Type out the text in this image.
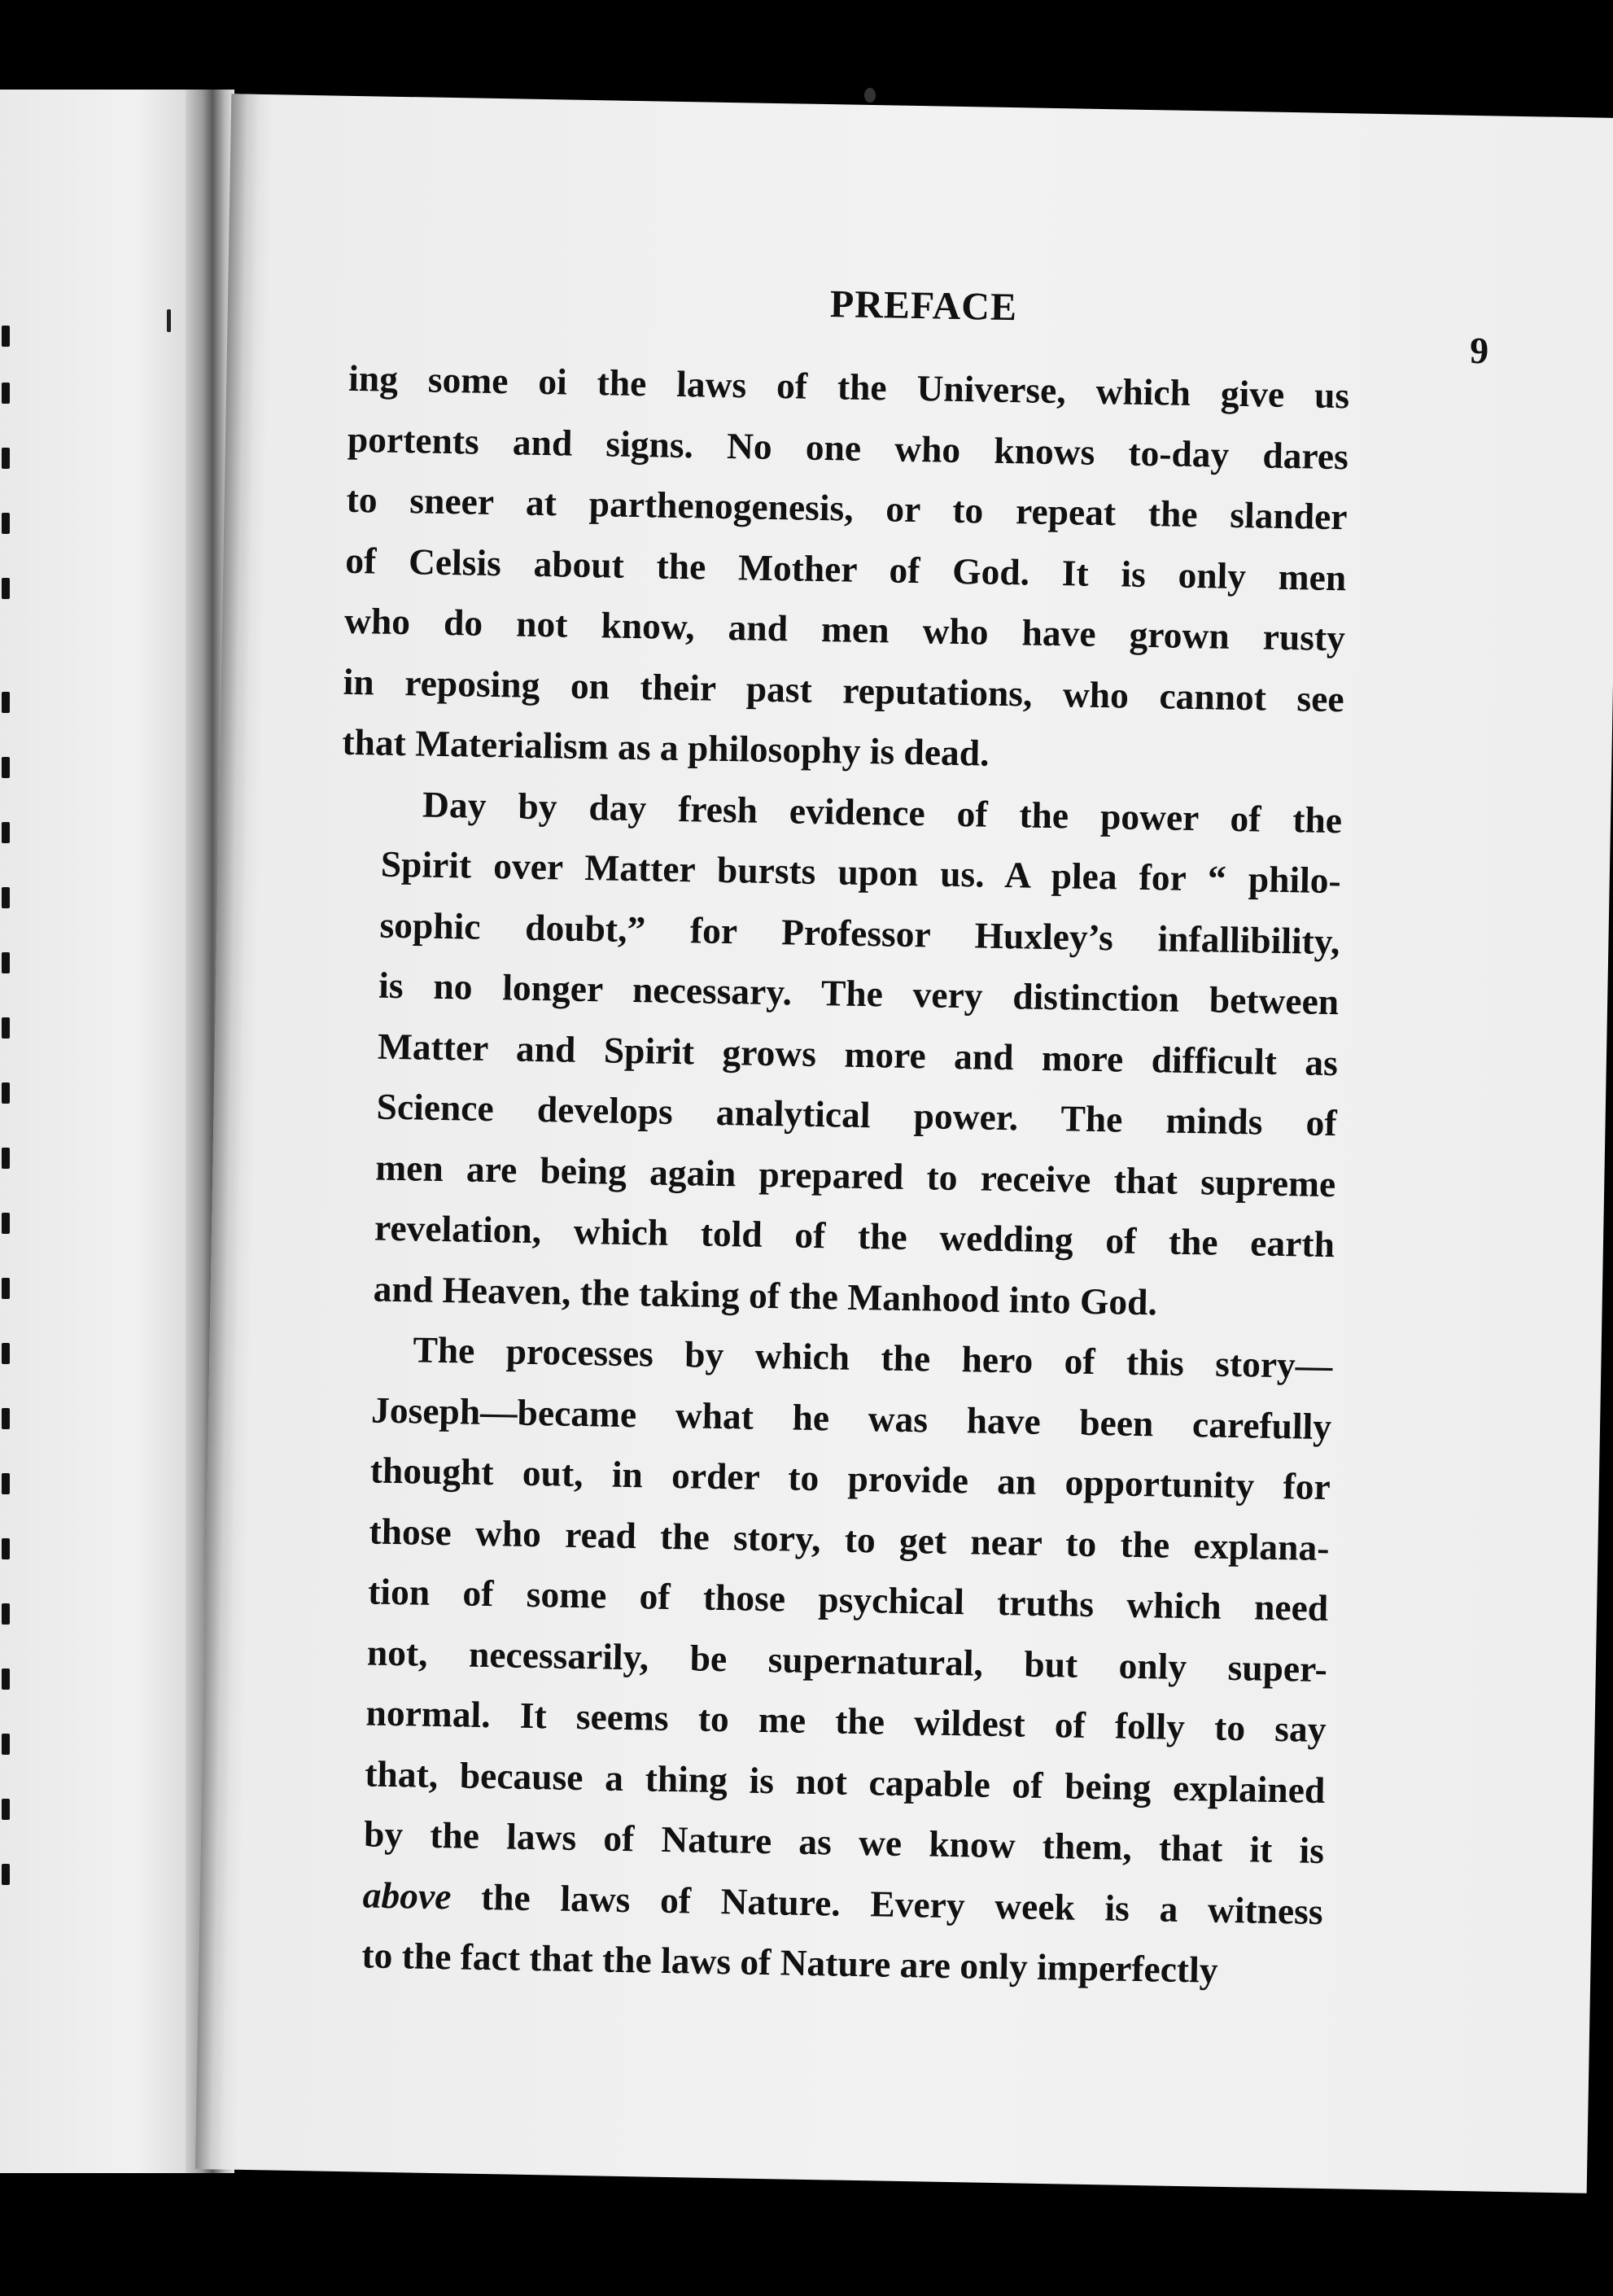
PREFACE
9

ing some oi the laws of the Universe, which give us
portents and signs. No one who knows to-day dares
to sneer at parthenogenesis, or to repeat the slander
of Celsis about the Mother of God. It is only men
who do not know, and men who have grown rusty
in reposing on their past reputations, who cannot see
that Materialism as a philosophy is dead.

Day by day fresh evidence of the power of the
Spirit over Matter bursts upon us. A plea for “ philo-
sophic doubt,” for Professor Huxley’s infallibility,
is no longer necessary. The very distinction between
Matter and Spirit grows more and more difficult as
Science develops analytical power. The minds of
men are being again prepared to receive that supreme
revelation, which told of the wedding of the earth
and Heaven, the taking of the Manhood into God.

The processes by which the hero of this story—
Joseph—became what he was have been carefully
thought out, in order to provide an opportunity for
those who read the story, to get near to the explana-
tion of some of those psychical truths which need
not, necessarily, be supernatural, but only super-
normal. It seems to me the wildest of folly to say
that, because a thing is not capable of being explained
by the laws of Nature as we know them, that it is
above the laws of Nature. Every week is a witness
to the fact that the laws of Nature are only imperfectly
